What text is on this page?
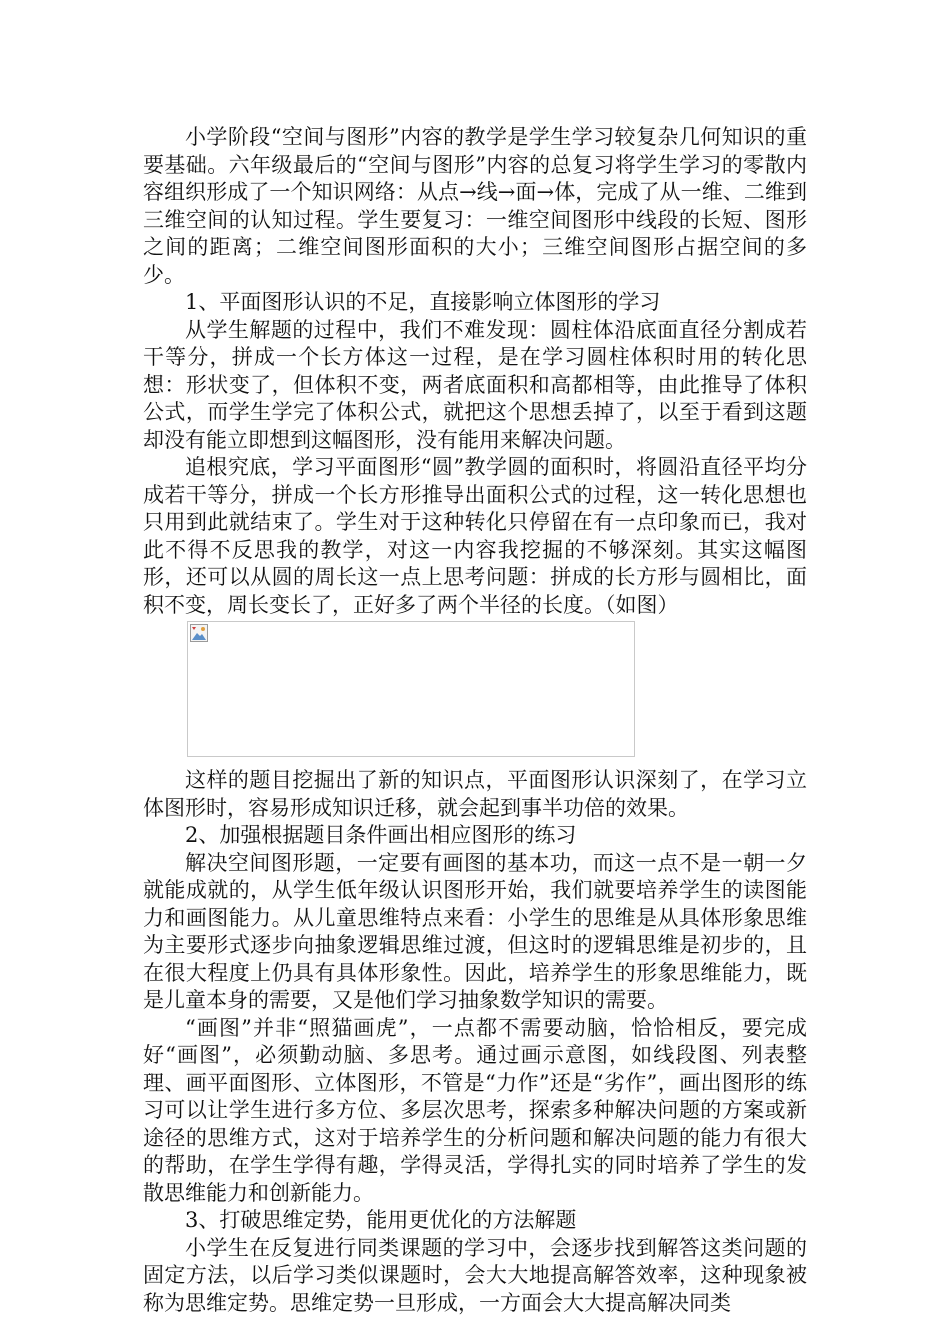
小学阶段“空间与图形”内容的教学是学生学习较复杂几何知识的重要基础。六年级最后的“空间与图形”内容的总复习将学生学习的零散内容组织形成了一个知识网络：从点→线→面→体，完成了从一维、二维到三维空间的认知过程。学生要复习：一维空间图形中线段的长短、图形之间的距离；二维空间图形面积的大小；三维空间图形占据空间的多少。

1、平面图形认识的不足，直接影响立体图形的学习

从学生解题的过程中，我们不难发现：圆柱体沿底面直径分割成若干等分，拼成一个长方体这一过程，是在学习圆柱体积时用的转化思想：形状变了，但体积不变，两者底面积和高都相等，由此推导了体积公式，而学生学完了体积公式，就把这个思想丢掉了，以至于看到这题却没有能立即想到这幅图形，没有能用来解决问题。

追根究底，学习平面图形“圆”教学圆的面积时，将圆沿直径平均分成若干等分，拼成一个长方形推导出面积公式的过程，这一转化思想也只用到此就结束了。学生对于这种转化只停留在有一点印象而已，我对此不得不反思我的教学，对这一内容我挖掘的不够深刻。其实这幅图形，还可以从圆的周长这一点上思考问题：拼成的长方形与圆相比，面积不变，周长变长了，正好多了两个半径的长度。（如图）

这样的题目挖掘出了新的知识点，平面图形认识深刻了，在学习立体图形时，容易形成知识迁移，就会起到事半功倍的效果。

2、加强根据题目条件画出相应图形的练习

解决空间图形题，一定要有画图的基本功，而这一点不是一朝一夕就能成就的，从学生低年级认识图形开始，我们就要培养学生的读图能力和画图能力。从儿童思维特点来看：小学生的思维是从具体形象思维为主要形式逐步向抽象逻辑思维过渡，但这时的逻辑思维是初步的，且在很大程度上仍具有具体形象性。因此，培养学生的形象思维能力，既是儿童本身的需要，又是他们学习抽象数学知识的需要。

“画图”并非“照猫画虎”，一点都不需要动脑，恰恰相反，要完成好“画图”，必须勤动脑、多思考。通过画示意图，如线段图、列表整理、画平面图形、立体图形，不管是“力作”还是“劣作”，画出图形的练习可以让学生进行多方位、多层次思考，探索多种解决问题的方案或新途径的思维方式，这对于培养学生的分析问题和解决问题的能力有很大的帮助，在学生学得有趣，学得灵活，学得扎实的同时培养了学生的发散思维能力和创新能力。

3、打破思维定势，能用更优化的方法解题

小学生在反复进行同类课题的学习中，会逐步找到解答这类问题的固定方法，以后学习类似课题时，会大大地提高解答效率，这种现象被称为思维定势。思维定势一旦形成，一方面会大大提高解决同类
